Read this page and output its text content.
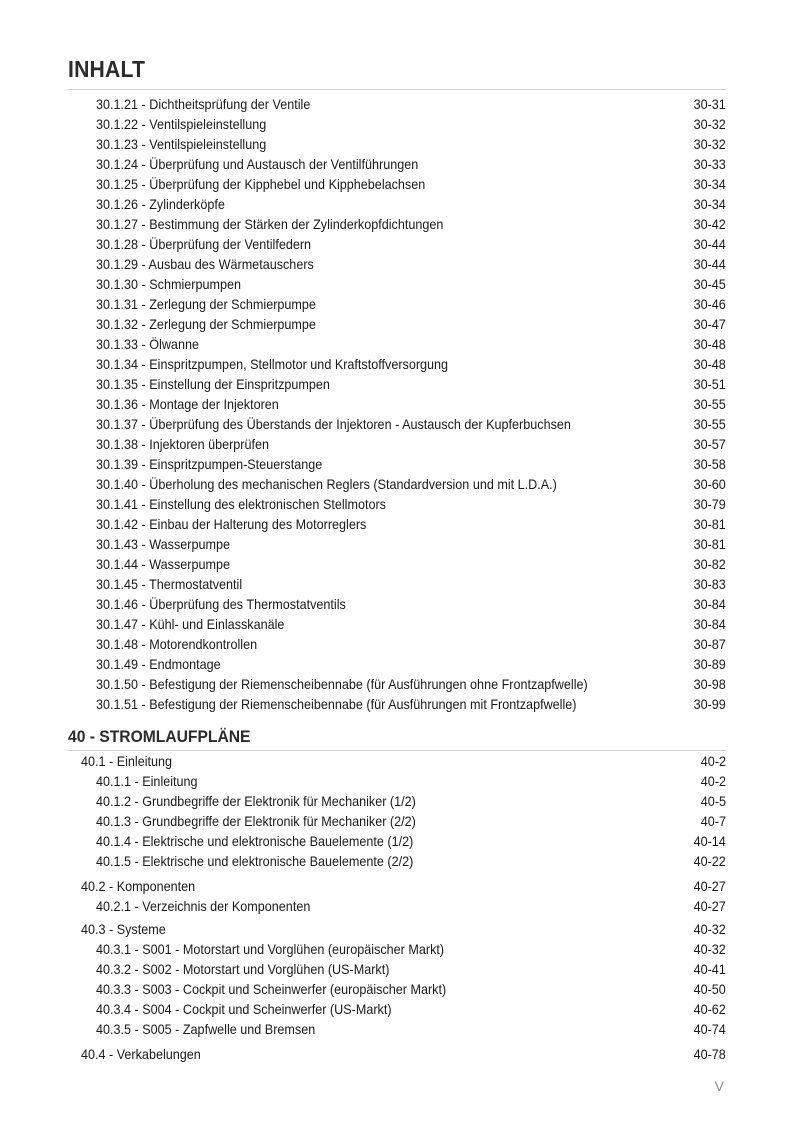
INHALT
30.1.21 - Dichtheitsprüfung der Ventile	30-31
30.1.22 - Ventilspieleinstellung	30-32
30.1.23 - Ventilspieleinstellung	30-32
30.1.24 - Überprüfung und Austausch der Ventilführungen	30-33
30.1.25 - Überprüfung der Kipphebel und Kipphebelachsen	30-34
30.1.26 - Zylinderköpfe	30-34
30.1.27 - Bestimmung der Stärken der Zylinderkopfdichtungen	30-42
30.1.28 - Überprüfung der Ventilfedern	30-44
30.1.29 - Ausbau des Wärmetauschers	30-44
30.1.30 - Schmierpumpen	30-45
30.1.31 - Zerlegung der Schmierpumpe	30-46
30.1.32 - Zerlegung der Schmierpumpe	30-47
30.1.33 - Ölwanne	30-48
30.1.34 - Einspritzpumpen, Stellmotor und Kraftstoffversorgung	30-48
30.1.35 - Einstellung der Einspritzpumpen	30-51
30.1.36 - Montage der Injektoren	30-55
30.1.37 - Überprüfung des Überstands der Injektoren - Austausch der Kupferbuchsen	30-55
30.1.38 - Injektoren überprüfen	30-57
30.1.39 - Einspritzpumpen-Steuerstange	30-58
30.1.40 - Überholung des mechanischen Reglers (Standardversion und mit L.D.A.)	30-60
30.1.41 - Einstellung des elektronischen Stellmotors	30-79
30.1.42 - Einbau der Halterung des Motorreglers	30-81
30.1.43 - Wasserpumpe	30-81
30.1.44 - Wasserpumpe	30-82
30.1.45 - Thermostatventil	30-83
30.1.46 - Überprüfung des Thermostatventils	30-84
30.1.47 - Kühl- und Einlasskanäle	30-84
30.1.48 - Motorendkontrollen	30-87
30.1.49 - Endmontage	30-89
30.1.50 - Befestigung der Riemenscheibennabe (für Ausführungen ohne Frontzapfwelle)	30-98
30.1.51 - Befestigung der Riemenscheibennabe (für Ausführungen mit Frontzapfwelle)	30-99
40 - STROMLAUFPLÄNE
40.1 - Einleitung	40-2
40.1.1 - Einleitung	40-2
40.1.2 - Grundbegriffe der Elektronik für Mechaniker (1/2)	40-5
40.1.3 - Grundbegriffe der Elektronik für Mechaniker (2/2)	40-7
40.1.4 - Elektrische und elektronische Bauelemente (1/2)	40-14
40.1.5 - Elektrische und elektronische Bauelemente (2/2)	40-22
40.2 - Komponenten	40-27
40.2.1 - Verzeichnis der Komponenten	40-27
40.3 - Systeme	40-32
40.3.1 - S001 - Motorstart und Vorglühen (europäischer Markt)	40-32
40.3.2 - S002 - Motorstart und Vorglühen (US-Markt)	40-41
40.3.3 - S003 - Cockpit und Scheinwerfer (europäischer Markt)	40-50
40.3.4 - S004 - Cockpit und Scheinwerfer (US-Markt)	40-62
40.3.5 - S005 - Zapfwelle und Bremsen	40-74
40.4 - Verkabelungen	40-78
V
